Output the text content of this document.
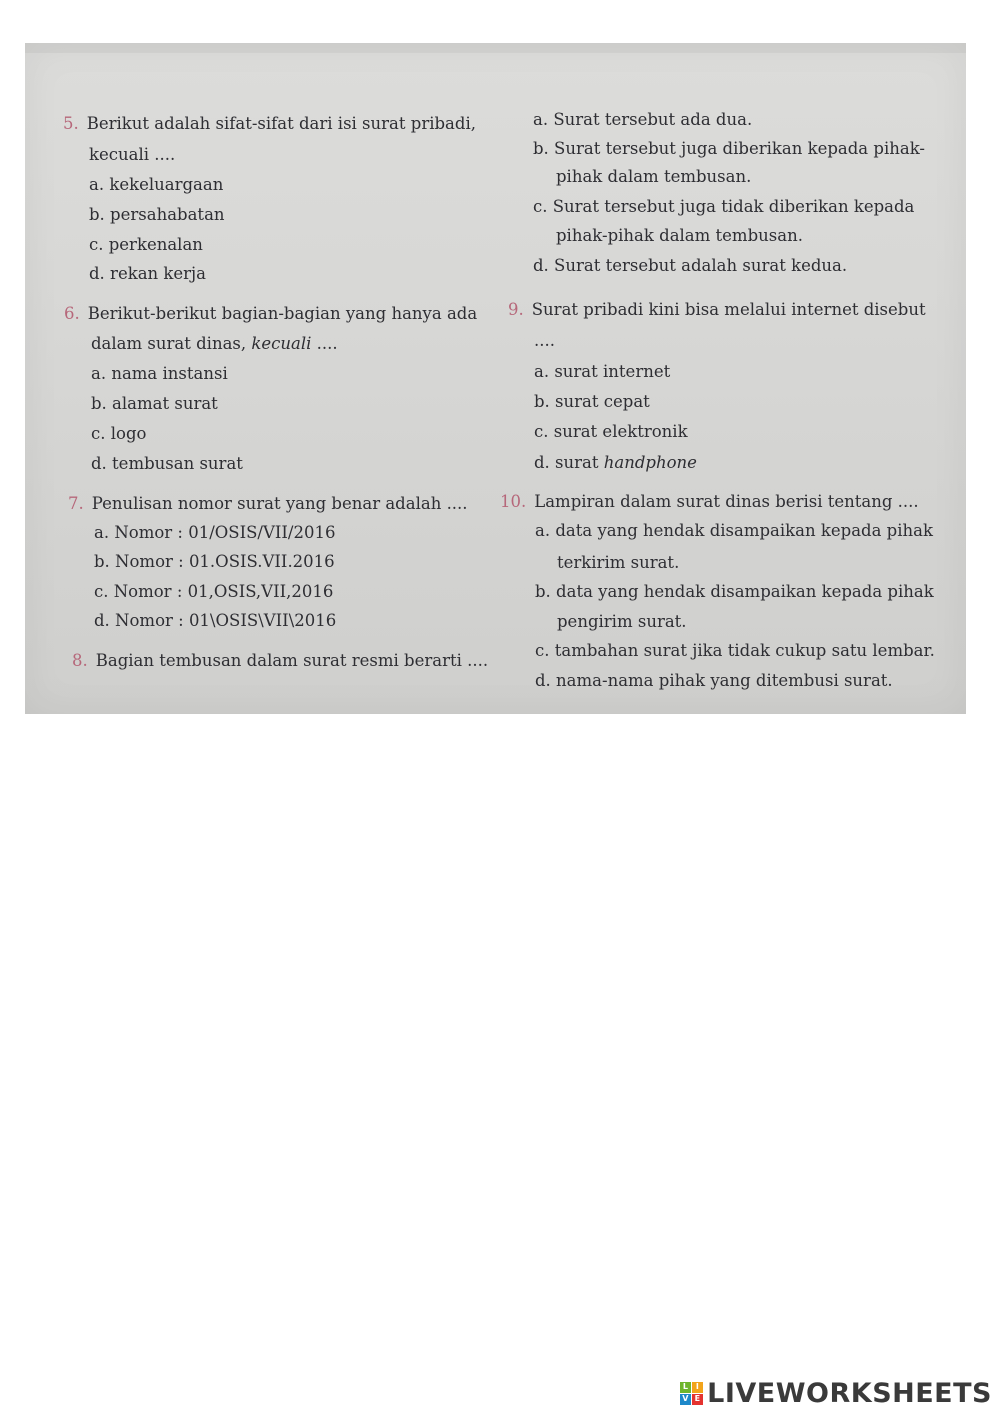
5. Berikut adalah sifat-sifat dari isi surat pribadi,
kecuali ....
a. kekeluargaan
b. persahabatan
c. perkenalan
d. rekan kerja
6. Berikut-berikut bagian-bagian yang hanya ada
dalam surat dinas, kecuali ....
a. nama instansi
b. alamat surat
c. logo
d. tembusan surat
7. Penulisan nomor surat yang benar adalah ....
a. Nomor : 01/OSIS/VII/2016
b. Nomor : 01.OSIS.VII.2016
c. Nomor : 01,OSIS,VII,2016
d. Nomor : 01\OSIS\VII\2016
8. Bagian tembusan dalam surat resmi berarti ....
a. Surat tersebut ada dua.
b. Surat tersebut juga diberikan kepada pihak-
pihak dalam tembusan.
c. Surat tersebut juga tidak diberikan kepada
pihak-pihak dalam tembusan.
d. Surat tersebut adalah surat kedua.
9. Surat pribadi kini bisa melalui internet disebut
....
a. surat internet
b. surat cepat
c. surat elektronik
d. surat handphone
10. Lampiran dalam surat dinas berisi tentang ....
a. data yang hendak disampaikan kepada pihak
terkirim surat.
b. data yang hendak disampaikan kepada pihak
pengirim surat.
c. tambahan surat jika tidak cukup satu lembar.
d. nama-nama pihak yang ditembusi surat.
L I
V E LIVEWORKSHEETS
